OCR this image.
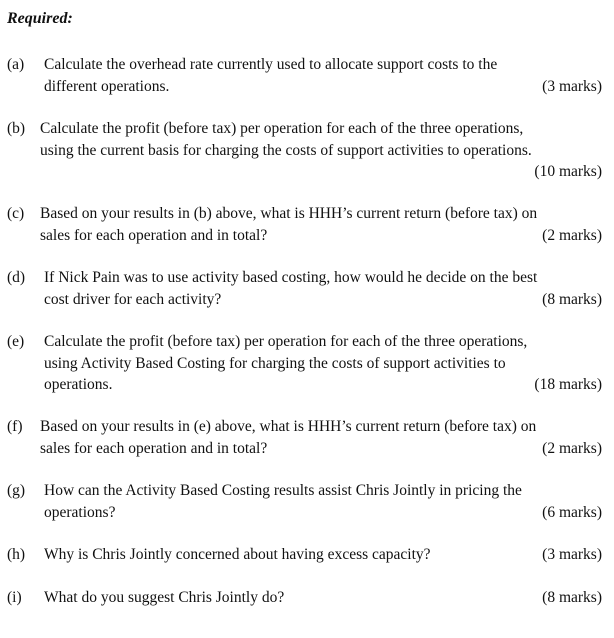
Required:
(a) Calculate the overhead rate currently used to allocate support costs to the
different operations.	(3 marks)
(b) Calculate the profit (before tax) per operation for each of the three operations,
using the current basis for charging the costs of support activities to operations.
(10 marks)
(c) Based on your results in (b) above, what is HHH’s current return (before tax) on
sales for each operation and in total?	(2 marks)
(d) If Nick Pain was to use activity based costing, how would he decide on the best
cost driver for each activity?	(8 marks)
(e) Calculate the profit (before tax) per operation for each of the three operations,
using Activity Based Costing for charging the costs of support activities to
operations.	(18 marks)
(f) Based on your results in (e) above, what is HHH’s current return (before tax) on
sales for each operation and in total?	(2 marks)
(g) How can the Activity Based Costing results assist Chris Jointly in pricing the
operations?	(6 marks)
(h) Why is Chris Jointly concerned about having excess capacity?	(3 marks)
(i) What do you suggest Chris Jointly do?	(8 marks)
